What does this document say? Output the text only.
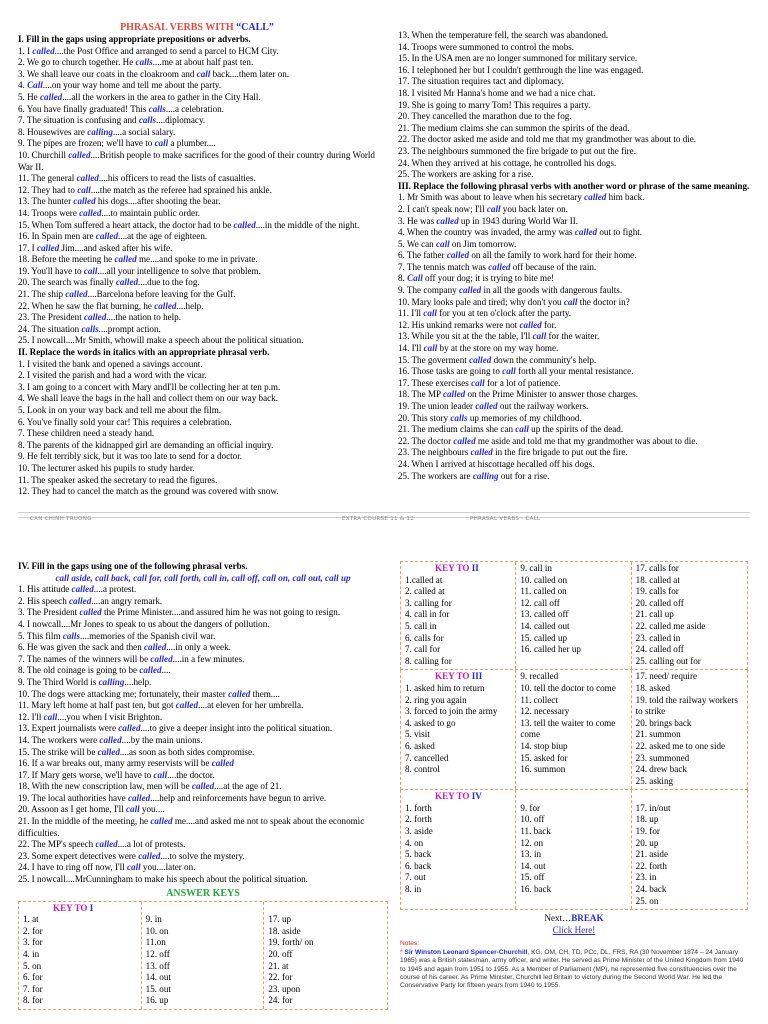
PHRASAL VERBS WITH “CALL”
I. Fill in the gaps using appropriate prepositions or adverbs.
1. I called....the Post Office and arranged to send a parcel to HCM City.
2. We go to church together. He calls....me at about half past ten.
3. We shall leave our coats in the cloakroom and call back....them later on.
4. Call....on your way home and tell me about the party.
5. He called....all the workers in the area to gather in the City Hall.
6. You have finally graduated! This calls....a celebration.
7. The situation is confusing and calls....diplomacy.
8. Housewives are calling....a social salary.
9. The pipes are frozen; we'll have to call a plumber....
10. Churchill called....British people to make sacrifices for the good of their country during World War II.
11. The general called....his officers to read the lists of casualties.
12. They had to call....the match as the referee had sprained his ankle.
13. The hunter called his dogs....after shooting the bear.
14. Troops were called....to maintain public order.
15. When Tom suffered a heart attack, the doctor had to be called....in the middle of the night.
16. In Spain men are called....at the age of eighteen.
17. I called Jim....and asked after his wife.
18. Before the meeting he called me....and spoke to me in private.
19. You'll have to call....all your intelligence to solve that problem.
20. The search was finally called....due to the fog.
21. The ship called....Barcelona before leaving for the Gulf.
22. When he saw the flat burning, he called....help.
23. The President called....the nation to help.
24. The situation calls....prompt action.
25. I nowcall....Mr Smith, whowill make a speech about the political situation.
II. Replace the words in italics with an appropriate phrasal verb.
1. I visited the bank and opened a savings account.
2. I visited the parish and had a word with the vicar.
3. I am going to a concert with Mary andI'll be collecting her at ten p.m.
4. We shall leave the bags in the hall and collect them on our way back.
5. Look in on your way back and tell me about the film.
6. You've finally sold your car! This requires a celebration.
7. These children need a steady hand.
8. The parents of the kidnapped girl are demanding an official inquiry.
9. He felt terribly sick, but it was too late to send for a doctor.
10. The lecturer asked his pupils to study harder.
11. The speaker asked the secretary to read the figures.
12. They had to cancel the match as the ground was covered with snow.
13. When the temperature fell, the search was abandoned.
14. Troops were summoned to control the mobs.
15. In the USA men are no longer summoned for military service.
16. I telephoned her but I couldn't getthrough the line was engaged.
17. The situation requires tact and diplomacy.
18. I visited Mr Hanna's home and we had a nice chat.
19. She is going to marry Tom! This requires a party.
20. They cancelled the marathon due to the fog.
21. The medium claims she can summon the spirits of the dead.
22. The doctor asked me aside and told me that my grandmother was about to die.
23. The neighbours summoned the fire brigade to put out the fire.
24. When they arrived at his cottage, he controlled his dogs.
25. The workers are asking for a rise.
III. Replace the following phrasal verbs with another word or phrase of the same meaning.
1. Mr Smith was about to leave when his secretary called him back.
2. I can't speak now; I'll call you back later on.
3. He was called up in 1943 during World War II.
4. When the country was invaded, the army was called out to fight.
5. We can call on Jim tomorrow.
6. The father called on all the family to work hard for their home.
7. The tennis match was called off because of the rain.
8. Call off your dog; it is trying to bite me!
9. The company called in all the goods with dangerous faults.
10. Mary looks pale and tired; why don't you call the doctor in?
11. I'll call for you at ten o'clock after the party.
12. His unkind remarks were not called for.
13. While you sit at the the table, I'll call for the waiter.
14. I'll call by at the store on my way home.
15. The goverment called down the community's help.
16. Those tasks are going to call forth all your mental resistance.
17. These exercises call for a lot of patience.
18. The MP called on the Prime Minister to answer those charges.
19. The union leader called out the railway workers.
20. This story calls up memories of my childhood.
21. The medium claims she can call up the spirits of the dead.
22. The doctor called me aside and told me that my grandmother was about to die.
23. The neighbours called in the fire brigade to put out the fire.
24. When I arrived at hiscottage hecalled off his dogs.
25. The workers are calling out for a rise.
CAN CHINH TRUONG	EXTRA COURSE 11 & 12	PHRASAL VERBS - CALL
IV. Fill in the gaps using one of the following phrasal verbs.
call aside, call back, call for, call forth, call in, call off, call on, call out, call up
1. His attitude called....a protest.
2. His speech called....an angry remark.
3. The President called the Prime Minister....and assured him he was not going to resign.
4. I nowcall....Mr Jones to speak to us about the dangers of pollution.
5. This film calls....memories of the Spanish civil war.
6. He was given the sack and then called....in only a week.
7. The names of the winners will be called....in a few minutes.
8. The old coinage is going to be called....
9. The Third World is calling....help.
10. The dogs were attacking me; fortunately, their master called them....
11. Mary left home at half past ten, but got called....at eleven for her umbrella.
12. I'll call....you when I visit Brighton.
13. Expert journalists were called....to give a deeper insight into the political situation.
14. The workers were called....by the main unions.
15. The strike will be called....as soon as both sides compromise.
16. If a war breaks out, many army reservists will be called
17. If Mary gets worse, we'll have to call....the doctor.
18. With the new conscription law, men will be called....at the age of 21.
19. The local authorities have called....help and reinforcements have begun to arrive.
20. Assoon as I get home, I'll call you....
21. In the middle of the meeting, he called me....and asked me not to speak about the economic difficulties.
22. The MP's speech called....a lot of protests.
23. Some expert detectives were called....to solve the mystery.
24. I have to ring off now, I'll call you....later on.
25. I nowcall....MrCunningham to make his speech about the political situation.
ANSWER KEYS
KEY TO I
1. at
2. for
3. for
4. in
5. on
6. for
7. for
8. for
9. in
10. on
11.on
12. off
13. off
14. out
15. out
16. up
17. up
18. aside
19. forth/ on
20. off
21. at
22. for
23. upon
24. for
KEY TO II
1.called at
2. called at
3. calling for
4. call in for
5. call in
6. calls for
7. call for
8. calling for
9. call in
10. called on
11. called on
12. call off
13. called off
14. called out
15. called up
16. called her up
17. calls for
18. called at
19. calls for
20. called off
21. call up
22. called me aside
23. called in
24. called off
25. calling out for
KEY TO III
1. asked him to return
2. ring you again
3. forced to join the army
4. asked to go
5. visit
6. asked
7. cancelled
8. control
9. recalled
10. tell the doctor to come
11. collect
12. necessary
13. tell the waiter to come come
14. stop biup
15. asked for
16. summon
17. need/ require
18. asked
19. told the railway workers to strike
20. brings back
21. summon
22. asked me to one side
23. summoned
24. drew back
25. asking
KEY TO IV
1. forth
2. forth
3. aside
4. on
5. back
6. back
7. out
8. in
9. for
10. off
11. back
12. on
13. in
14. out
15. off
16. back
17. in/out
18. up
19. for
20. up
21. aside
22. forth
23. in
24. back
25. on
Next…BREAK
Click Here!
Notes:
* Sir Winston Leonard Spencer-Churchill, KG, OM, CH, TD, PCc, DL, FRS, RA (30 November 1874 – 24 January 1965) was a British statesman, army officer, and writer. He served as Prime Minister of the United Kingdom from 1940 to 1945 and again from 1951 to 1955. As a Member of Parliament (MP), he represented five constituencies over the course of his career. As Prime Minister, Churchill led Britain to victory during the Second World War. He led the Conservative Party for fifteen years from 1940 to 1955.
